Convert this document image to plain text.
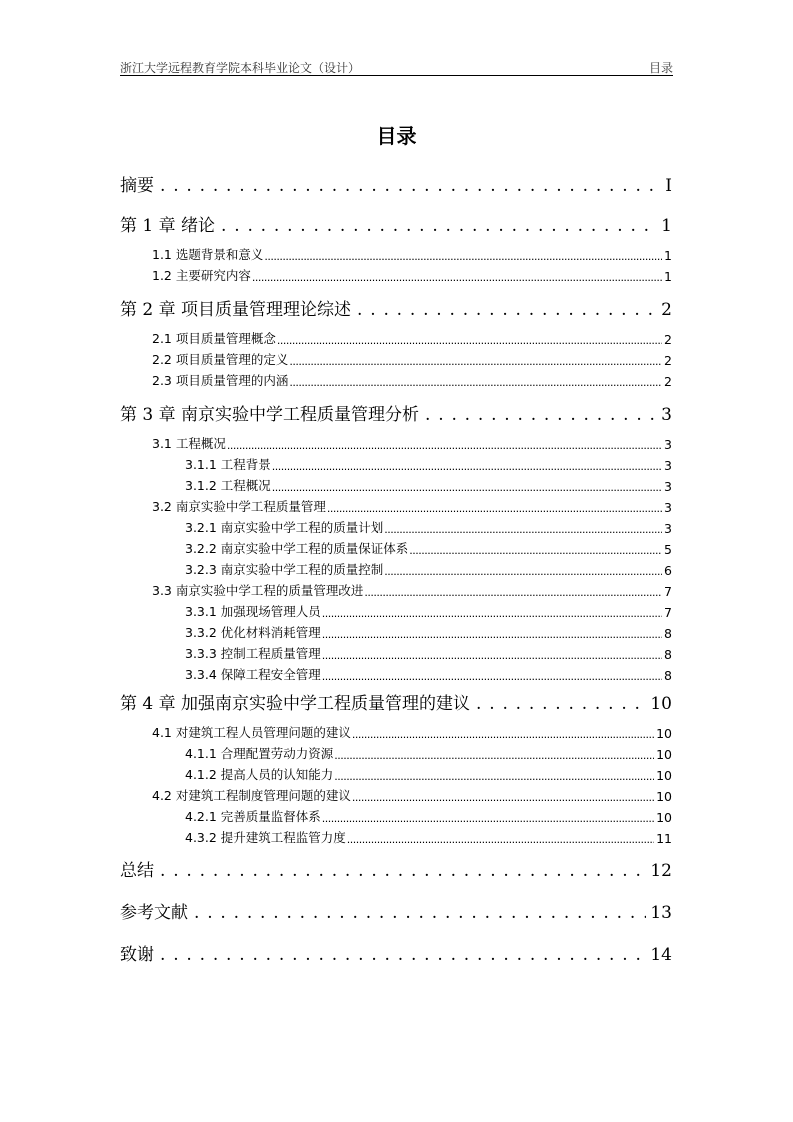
浙江大学远程教育学院本科毕业论文（设计）	目录
目录
摘要 . . .	I
第 1 章 绪论 . . .	1
1.1 选题背景和意义 .....	1
1.2 主要研究内容 .....	1
第 2 章 项目质量管理理论综述 . . .	2
2.1 项目质量管理概念 .....	2
2.2 项目质量管理的定义 .....	2
2.3 项目质量管理的内涵 .....	2
第 3 章 南京实验中学工程质量管理分析 . . .	3
3.1 工程概况 .....	3
3.1.1 工程背景 .....	3
3.1.2 工程概况 .....	3
3.2 南京实验中学工程质量管理 .....	3
3.2.1 南京实验中学工程的质量计划 .....	3
3.2.2 南京实验中学工程的质量保证体系 .....	5
3.2.3 南京实验中学工程的质量控制 .....	6
3.3 南京实验中学工程的质量管理改进 .....	7
3.3.1 加强现场管理人员 .....	7
3.3.2 优化材料消耗管理 .....	8
3.3.3 控制工程质量管理 .....	8
3.3.4 保障工程安全管理 .....	8
第 4 章 加强南京实验中学工程质量管理的建议 . . .	10
4.1 对建筑工程人员管理问题的建议 .....	10
4.1.1 合理配置劳动力资源 .....	10
4.1.2 提高人员的认知能力 .....	10
4.2 对建筑工程制度管理问题的建议 .....	10
4.2.1 完善质量监督体系 .....	10
4.3.2 提升建筑工程监管力度 .....	11
总结 . . .	12
参考文献 . . .	13
致谢 . . .	14
